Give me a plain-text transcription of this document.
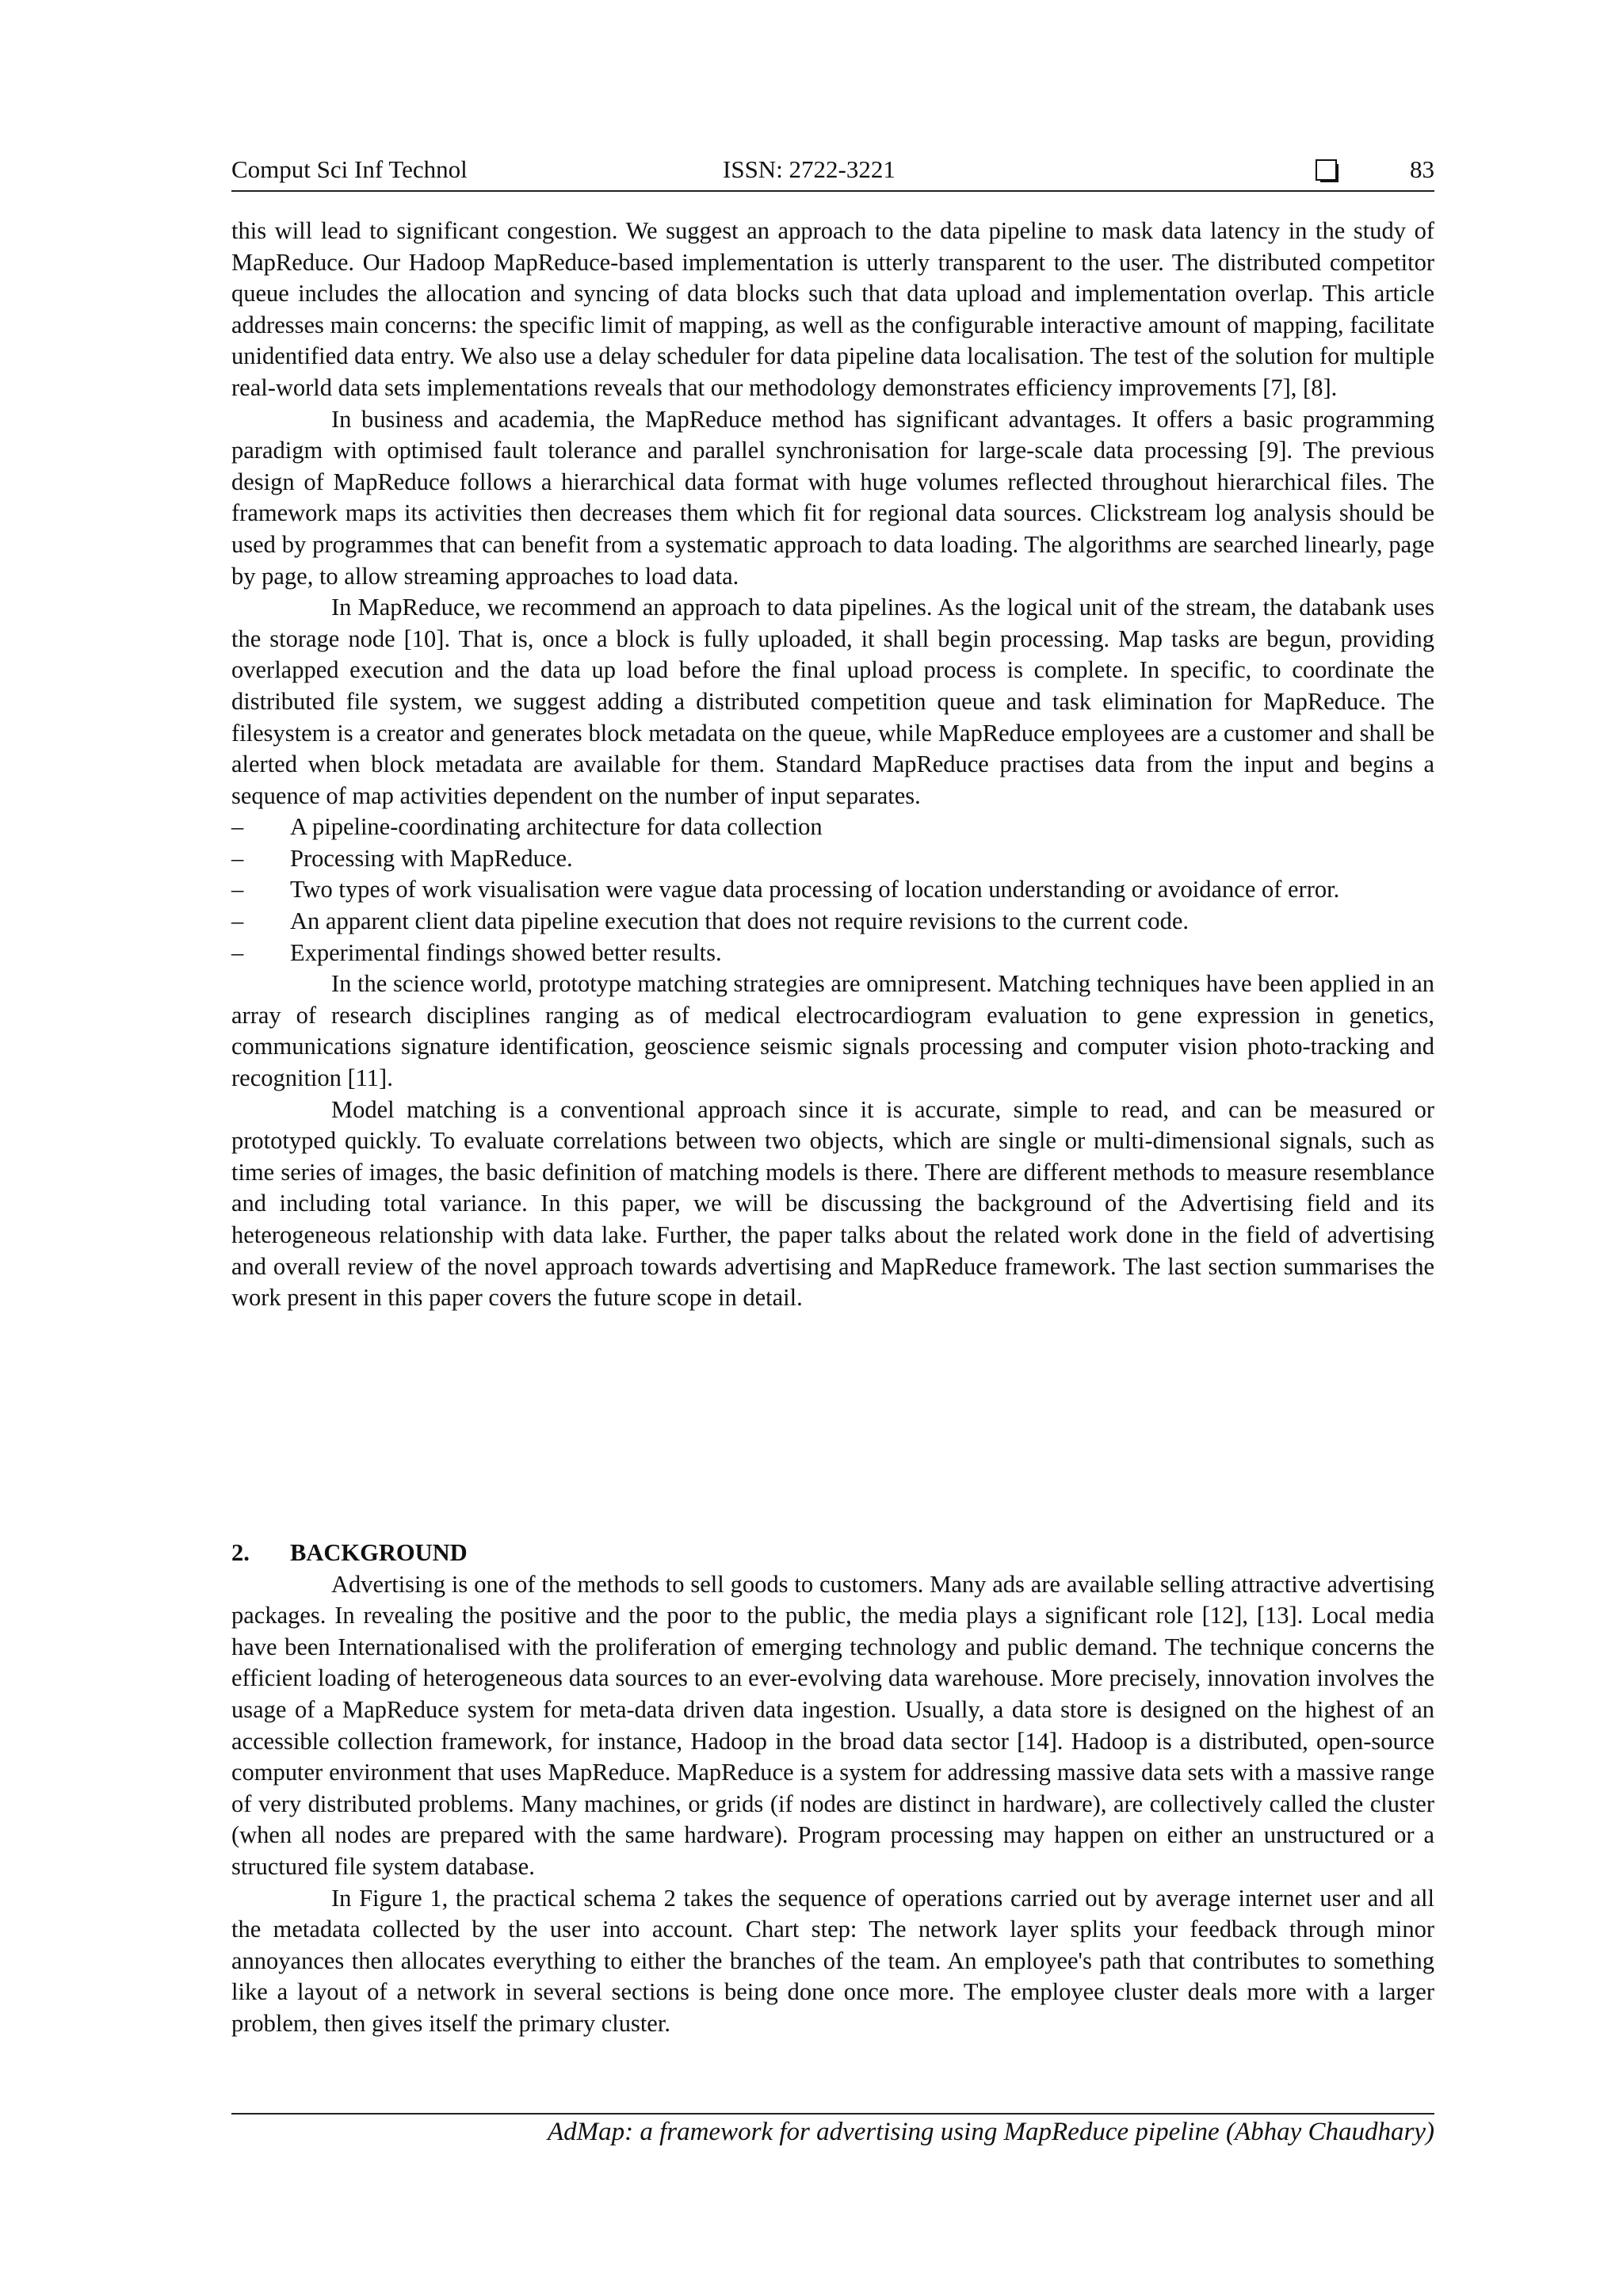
Comput Sci Inf Technol	ISSN: 2722-3221	83

this will lead to significant congestion. We suggest an approach to the data pipeline to mask data latency in the study of MapReduce. Our Hadoop MapReduce-based implementation is utterly transparent to the user. The distributed competitor queue includes the allocation and syncing of data blocks such that data upload and implementation overlap. This article addresses main concerns: the specific limit of mapping, as well as the configurable interactive amount of mapping, facilitate unidentified data entry. We also use a delay scheduler for data pipeline data localisation. The test of the solution for multiple real-world data sets implementations reveals that our methodology demonstrates efficiency improvements [7], [8].

In business and academia, the MapReduce method has significant advantages. It offers a basic programming paradigm with optimised fault tolerance and parallel synchronisation for large-scale data processing [9]. The previous design of MapReduce follows a hierarchical data format with huge volumes reflected throughout hierarchical files. The framework maps its activities then decreases them which fit for regional data sources. Clickstream log analysis should be used by programmes that can benefit from a systematic approach to data loading. The algorithms are searched linearly, page by page, to allow streaming approaches to load data.

In MapReduce, we recommend an approach to data pipelines. As the logical unit of the stream, the databank uses the storage node [10]. That is, once a block is fully uploaded, it shall begin processing. Map tasks are begun, providing overlapped execution and the data up load before the final upload process is complete. In specific, to coordinate the distributed file system, we suggest adding a distributed competition queue and task elimination for MapReduce. The filesystem is a creator and generates block metadata on the queue, while MapReduce employees are a customer and shall be alerted when block metadata are available for them. Standard MapReduce practises data from the input and begins a sequence of map activities dependent on the number of input separates.

– A pipeline-coordinating architecture for data collection
– Processing with MapReduce.
– Two types of work visualisation were vague data processing of location understanding or avoidance of error.
– An apparent client data pipeline execution that does not require revisions to the current code.
– Experimental findings showed better results.

In the science world, prototype matching strategies are omnipresent. Matching techniques have been applied in an array of research disciplines ranging as of medical electrocardiogram evaluation to gene expression in genetics, communications signature identification, geoscience seismic signals processing and computer vision photo-tracking and recognition [11].

Model matching is a conventional approach since it is accurate, simple to read, and can be measured or prototyped quickly. To evaluate correlations between two objects, which are single or multi-dimensional signals, such as time series of images, the basic definition of matching models is there. There are different methods to measure resemblance and including total variance. In this paper, we will be discussing the background of the Advertising field and its heterogeneous relationship with data lake. Further, the paper talks about the related work done in the field of advertising and overall review of the novel approach towards advertising and MapReduce framework. The last section summarises the work present in this paper covers the future scope in detail.

2. BACKGROUND

Advertising is one of the methods to sell goods to customers. Many ads are available selling attractive advertising packages. In revealing the positive and the poor to the public, the media plays a significant role [12], [13]. Local media have been Internationalised with the proliferation of emerging technology and public demand. The technique concerns the efficient loading of heterogeneous data sources to an ever-evolving data warehouse. More precisely, innovation involves the usage of a MapReduce system for meta-data driven data ingestion. Usually, a data store is designed on the highest of an accessible collection framework, for instance, Hadoop in the broad data sector [14]. Hadoop is a distributed, open-source computer environment that uses MapReduce. MapReduce is a system for addressing massive data sets with a massive range of very distributed problems. Many machines, or grids (if nodes are distinct in hardware), are collectively called the cluster (when all nodes are prepared with the same hardware). Program processing may happen on either an unstructured or a structured file system database.

In Figure 1, the practical schema 2 takes the sequence of operations carried out by average internet user and all the metadata collected by the user into account. Chart step: The network layer splits your feedback through minor annoyances then allocates everything to either the branches of the team. An employee's path that contributes to something like a layout of a network in several sections is being done once more. The employee cluster deals more with a larger problem, then gives itself the primary cluster.

AdMap: a framework for advertising using MapReduce pipeline (Abhay Chaudhary)
